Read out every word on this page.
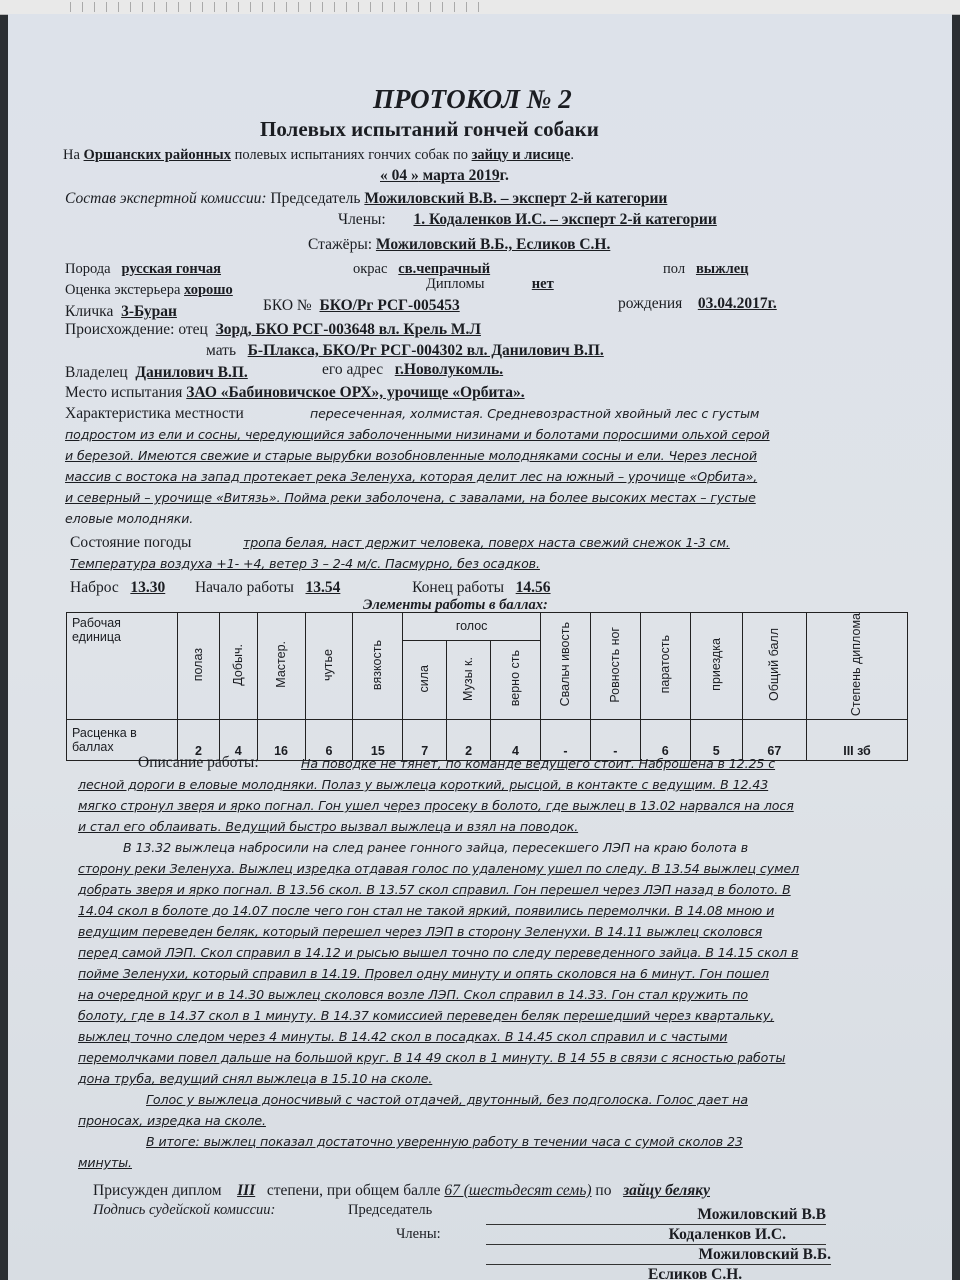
ПРОТОКОЛ № 2
Полевых испытаний гончей собаки
На Оршанских районных полевых испытаниях гончих собак по зайцу и лисице.
« 04 » марта 2019г.
Состав экспертной комиссии: Председатель Можиловский В.В. – эксперт 2-й категории
Члены: 1. Кодаленков И.С. – эксперт 2-й категории
Стажёры: Можиловский В.Б., Есликов С.Н.
Порода русская гончая	окрас св.чепрачный	пол выжлец
Оценка экстерьера хорошо	Дипломы	нет
Кличка 3-Буран	БКО № БКО/Рг РСГ-005453	рождения 03.04.2017г.
Происхождение: отец Зорд, БКО РСГ-003648 вл. Крель М.Л
мать Б-Плакса, БКО/Рг РСГ-004302 вл. Данилович В.П.
Владелец Данилович В.П.	его адрес г.Новолукомль.
Место испытания ЗАО «Бабиновичское ОРХ», урочище «Орбита».
Характеристика местности	пересеченная, холмистая. Средневозрастной хвойный лес с густым
подростом из ели и сосны, чередующийся заболоченными низинами и болотами поросшими ольхой серой
и березой. Имеются свежие и старые вырубки возобновленные молодняками сосны и ели. Через лесной
массив с востока на запад протекает река Зеленуха, которая делит лес на южный – урочище «Орбита»,
и северный – урочище «Витязь». Пойма реки заболочена, с завалами, на более высоких местах – густые
еловые молодняки.
Состояние погоды	тропа белая, наст держит человека, поверх наста свежий снежок 1-3 см.
Температура воздуха +1- +4, ветер 3 – 2-4 м/с. Пасмурно, без осадков.
Наброс 13.30 Начало работы 13.54	Конец работы 14.56
Элементы работы в баллах:
Рабочая единица	полаз	Добыч.	Мастер.	чутье	вязкость	голос			Свальч ивость	Ровность ног	паратость	приездка	Общий балл	Степень диплома
						сила	Музы к.	верно сть						
Расценка в баллах	2	4	16	6	15	7	2	4	-	-	6	5	67	III зб
Описание работы:	На поводке не тянет, по команде ведущего стоит. Наброшена в 12.25 с
лесной дороги в еловые молодняки. Полаз у выжлеца короткий, рысцой, в контакте с ведущим. В 12.43
мягко стронул зверя и ярко погнал. Гон ушел через просеку в болото, где выжлец в 13.02 нарвался на лося
и стал его облаивать. Ведущий быстро вызвал выжлеца и взял на поводок.
В 13.32 выжлеца набросили на след ранее гонного зайца, пересекшего ЛЭП на краю болота в
сторону реки Зеленуха. Выжлец изредка отдавая голос по удаленому ушел по следу. В 13.54 выжлец сумел
добрать зверя и ярко погнал. В 13.56 скол. В 13.57 скол справил. Гон перешел через ЛЭП назад в болото. В
14.04 скол в болоте до 14.07 после чего гон стал не такой яркий, появились перемолчки. В 14.08 мною и
ведущим переведен беляк, который перешел через ЛЭП в сторону Зеленухи. В 14.11 выжлец сколовся
перед самой ЛЭП. Скол справил в 14.12 и рысью вышел точно по следу переведенного зайца. В 14.15 скол в
пойме Зеленухи, который справил в 14.19. Провел одну минуту и опять сколовся на 6 минут. Гон пошел
на очередной круг и в 14.30 выжлец сколовся возле ЛЭП. Скол справил в 14.33. Гон стал кружить по
болоту, где в 14.37 скол в 1 минуту. В 14.37 комиссией переведен беляк перешедший через квартальку,
выжлец точно следом через 4 минуты. В 14.42 скол в посадках. В 14.45 скол справил и с частыми
перемолчками повел дальше на большой круг. В 14 49 скол в 1 минуту. В 14 55 в связи с ясностью работы
дона труба, ведущий снял выжлеца в 15.10 на сколе.
Голос у выжлеца доносчивый с частой отдачей, двутонный, без подголоска. Голос дает на
проносах, изредка на сколе.
В итоге: выжлец показал достаточно уверенную работу в течении часа с сумой сколов 23
минуты.
Присужден диплом III степени, при общем балле 67 (шестьдесят семь) по зайцу беляку
Подпись судейской комиссии:	Председатель
Члены:
Можиловский В.В
Кодаленков И.С.
Можиловский В.Б.
Есликов С.Н.
